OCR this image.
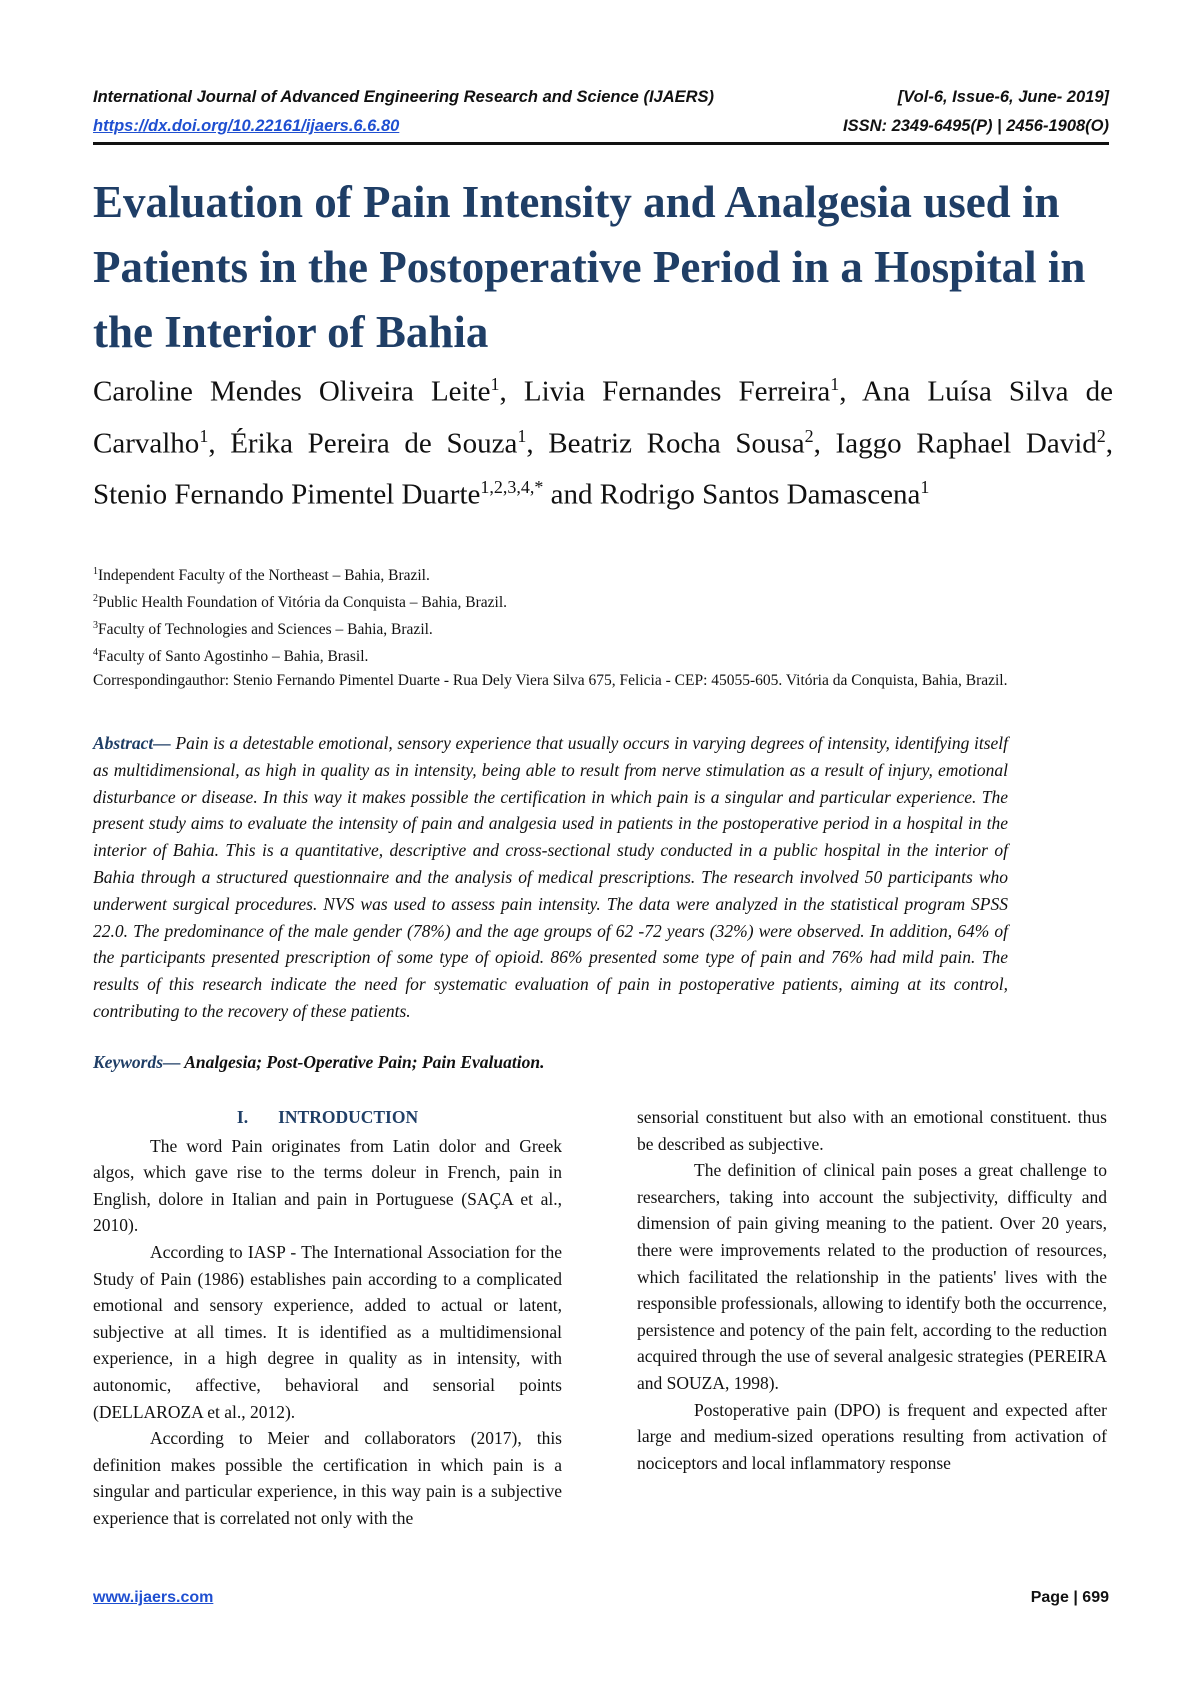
International Journal of Advanced Engineering Research and Science (IJAERS)	[Vol-6, Issue-6, June- 2019]
https://dx.doi.org/10.22161/ijaers.6.6.80	ISSN: 2349-6495(P) | 2456-1908(O)
Evaluation of Pain Intensity and Analgesia used in Patients in the Postoperative Period in a Hospital in the Interior of Bahia
Caroline Mendes Oliveira Leite$^1$, Livia Fernandes Ferreira$^1$, Ana Luísa Silva de Carvalho$^1$, Érika Pereira de Souza$^1$, Beatriz Rocha Sousa$^2$, Iaggo Raphael David$^2$, Stenio Fernando Pimentel Duarte$^{1,2,3,4,*}$ and Rodrigo Santos Damascena$^1$
$^1$Independent Faculty of the Northeast – Bahia, Brazil.
$^2$Public Health Foundation of Vitória da Conquista – Bahia, Brazil.
$^3$Faculty of Technologies and Sciences – Bahia, Brazil.
$^4$Faculty of Santo Agostinho – Bahia, Brasil.
Correspondingauthor: Stenio Fernando Pimentel Duarte - Rua Dely Viera Silva 675, Felicia - CEP: 45055-605. Vitória da Conquista, Bahia, Brazil.
Abstract— Pain is a detestable emotional, sensory experience that usually occurs in varying degrees of intensity, identifying itself as multidimensional, as high in quality as in intensity, being able to result from nerve stimulation as a result of injury, emotional disturbance or disease. In this way it makes possible the certification in which pain is a singular and particular experience. The present study aims to evaluate the intensity of pain and analgesia used in patients in the postoperative period in a hospital in the interior of Bahia. This is a quantitative, descriptive and cross-sectional study conducted in a public hospital in the interior of Bahia through a structured questionnaire and the analysis of medical prescriptions. The research involved 50 participants who underwent surgical procedures. NVS was used to assess pain intensity. The data were analyzed in the statistical program SPSS 22.0. The predominance of the male gender (78%) and the age groups of 62 -72 years (32%) were observed. In addition, 64% of the participants presented prescription of some type of opioid. 86% presented some type of pain and 76% had mild pain. The results of this research indicate the need for systematic evaluation of pain in postoperative patients, aiming at its control, contributing to the recovery of these patients.
Keywords— Analgesia; Post-Operative Pain; Pain Evaluation.
I. INTRODUCTION

The word Pain originates from Latin dolor and Greek algos, which gave rise to the terms doleur in French, pain in English, dolore in Italian and pain in Portuguese (SAÇA et al., 2010).

According to IASP - The International Association for the Study of Pain (1986) establishes pain according to a complicated emotional and sensory experience, added to actual or latent, subjective at all times. It is identified as a multidimensional experience, in a high degree in quality as in intensity, with autonomic, affective, behavioral and sensorial points (DELLAROZA et al., 2012).

According to Meier and collaborators (2017), this definition makes possible the certification in which pain is a singular and particular experience, in this way pain is a subjective experience that is correlated not only with the

sensorial constituent but also with an emotional constituent. thus be described as subjective.

The definition of clinical pain poses a great challenge to researchers, taking into account the subjectivity, difficulty and dimension of pain giving meaning to the patient. Over 20 years, there were improvements related to the production of resources, which facilitated the relationship in the patients' lives with the responsible professionals, allowing to identify both the occurrence, persistence and potency of the pain felt, according to the reduction acquired through the use of several analgesic strategies (PEREIRA and SOUZA, 1998).

Postoperative pain (DPO) is frequent and expected after large and medium-sized operations resulting from activation of nociceptors and local inflammatory response

www.ijaers.com	Page | 699
